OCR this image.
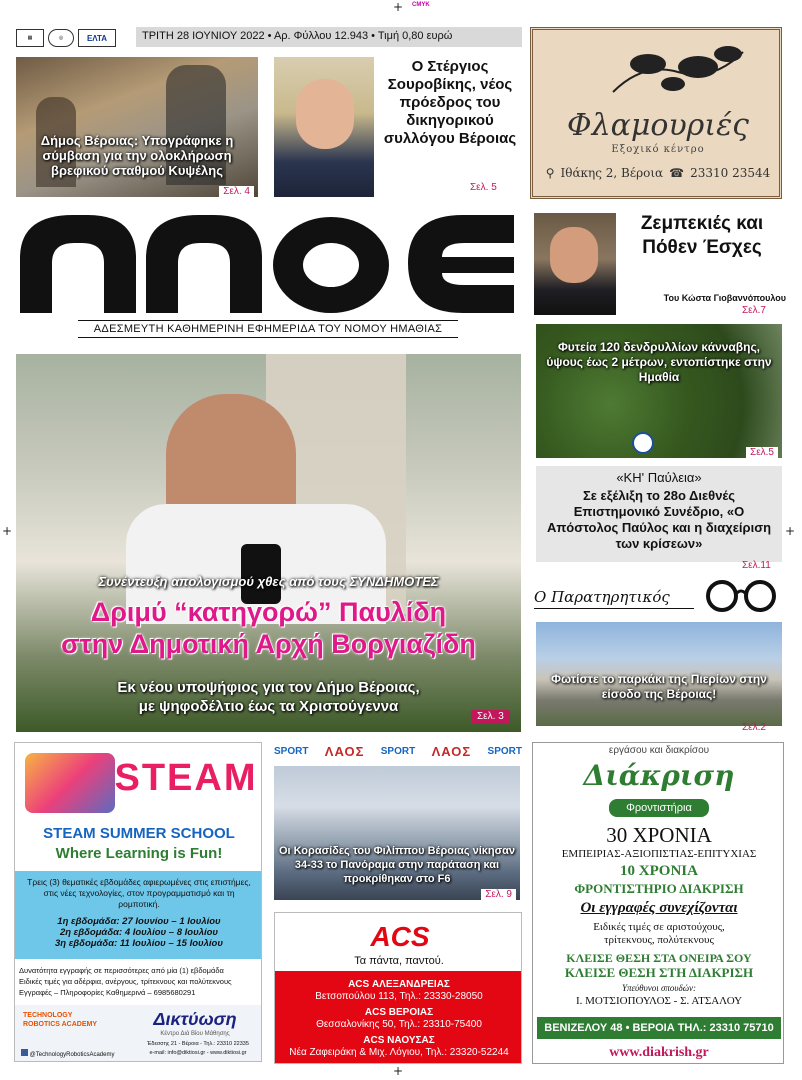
+ CMYK
+	+
+
▦	◎	ΕΛΤΑ	ΤΡΙΤΗ 28 ΙΟΥΝΙΟΥ 2022 • Αρ. Φύλλου 12.943 • Τιμή 0,80 ευρώ
Δήμος Βέροιας: Υπογράφηκε η σύμβαση για την ολοκλήρωση βρεφικού σταθμού Κυψέλης
Σελ. 4
Ο Στέργιος Σουροβίκης, νέος πρόεδρος του δικηγορικού συλλόγου Βέροιας
Σελ. 5
Φλαμουριές
Εξοχικό κέντρο
⚲ Ιθάκης 2, Βέροια ☎ 23310 23544
ΑΔΕΣΜΕΥΤΗ ΚΑΘΗΜΕΡΙΝΗ ΕΦΗΜΕΡΙΔΑ ΤΟΥ ΝΟΜΟΥ ΗΜΑΘΙΑΣ
Ζεμπεκιές και Πόθεν Έσχες
Του Κώστα Γιοβαννόπουλου
Σελ.7
Φυτεία 120 δενδρυλλίων κάνναβης, ύψους έως 2 μέτρων, εντοπίστηκε στην Ημαθία
Σελ.5
«ΚΗ' Παύλεια»
Σε εξέλιξη το 28ο Διεθνές Επιστημονικό Συνέδριο, «Ο Απόστολος Παύλος και η διαχείριση των κρίσεων»
Σελ.11
Συνέντευξη απολογισμού χθες από τους ΣΥΝΔΗΜΟΤΕΣ
Δριμύ “κατηγορώ” Παυλίδη
στην Δημοτική Αρχή Βοργιαζίδη
Εκ νέου υποψήφιος για τον Δήμο Βέροιας,
με ψηφοδέλτιο έως τα Χριστούγεννα
Σελ. 3
Ο Παρατηρητικός
Φωτίστε το παρκάκι της Πιερίων στην είσοδο της Βέροιας!
Σελ.2
STEAM
STEAM SUMMER SCHOOL
Where Learning is Fun!
Τρεις (3) θεματικές εβδομάδες αφιερωμένες στις επιστήμες, στις νέες τεχνολογίες, στον προγραμματισμό και τη ρομποτική.
1η εβδομάδα: 27 Ιουνίου – 1 Ιουλίου
2η εβδομάδα: 4 Ιουλίου – 8 Ιουλίου
3η εβδομάδα: 11 Ιουλίου – 15 Ιουλίου
Δυνατότητα εγγραφής σε περισσότερες από μία (1) εβδομάδα
Ειδικές τιμές για αδέρφια, ανέργους, τρίτεκνους και πολύτεκνους
Εγγραφές – Πληροφορίες Καθημερινά – 6985680291
TECHNOLOGY ROBOTICS ACADEMY	Δικτύωση
Κέντρο Διά Βίου Μάθησης
@TechnologyRoboticsAcademy
Έδεσσης 21 - Βέροια - Τηλ.: 23310 22335
e-mail: info@diktiosi.gr - www.diktiosi.gr
SPORT ΛΑΟΣ SPORT ΛΑΟΣ SPORT
Οι Κορασίδες του Φιλίππου Βέροιας νίκησαν 34-33 το Πανόραμα στην παράταση και προκρίθηκαν στο F6
Σελ. 9
ACS
Τα πάντα, παντού.
ACS ΑΛΕΞΑΝΔΡΕΙΑΣ
Βετσοπούλου 113, Τηλ.: 23330-28050
ACS ΒΕΡΟΙΑΣ
Θεσσαλονίκης 50, Τηλ.: 23310-75400
ACS ΝΑΟΥΣΑΣ
Νέα Ζαφειράκη & Μιχ. Λόγιου, Τηλ.: 23320-52244
εργάσου και διακρίσου
Διάκριση
Φροντιστήρια
30 ΧΡΟΝΙΑ
ΕΜΠΕΙΡΙΑΣ-ΑΞΙΟΠΙΣΤΙΑΣ-ΕΠΙΤΥΧΙΑΣ
10 ΧΡΟΝΙΑ
ΦΡΟΝΤΙΣΤΗΡΙΟ ΔΙΑΚΡΙΣΗ
Οι εγγραφές συνεχίζονται
Ειδικές τιμές σε αριστούχους, τρίτεκνους, πολύτεκνους
ΚΛΕΙΣΕ ΘΕΣΗ ΣΤΑ ΟΝΕΙΡΑ ΣΟΥ
ΚΛΕΙΣΕ ΘΕΣΗ ΣΤΗ ΔΙΑΚΡΙΣΗ
Υπεύθυνοι σπουδών:
Ι. ΜΟΤΣΙΟΠΟΥΛΟΣ - Σ. ΑΤΣΑΛΟΥ
ΒΕΝΙΖΕΛΟΥ 48 • ΒΕΡΟΙΑ ΤΗΛ.: 23310 75710
www.diakrish.gr
